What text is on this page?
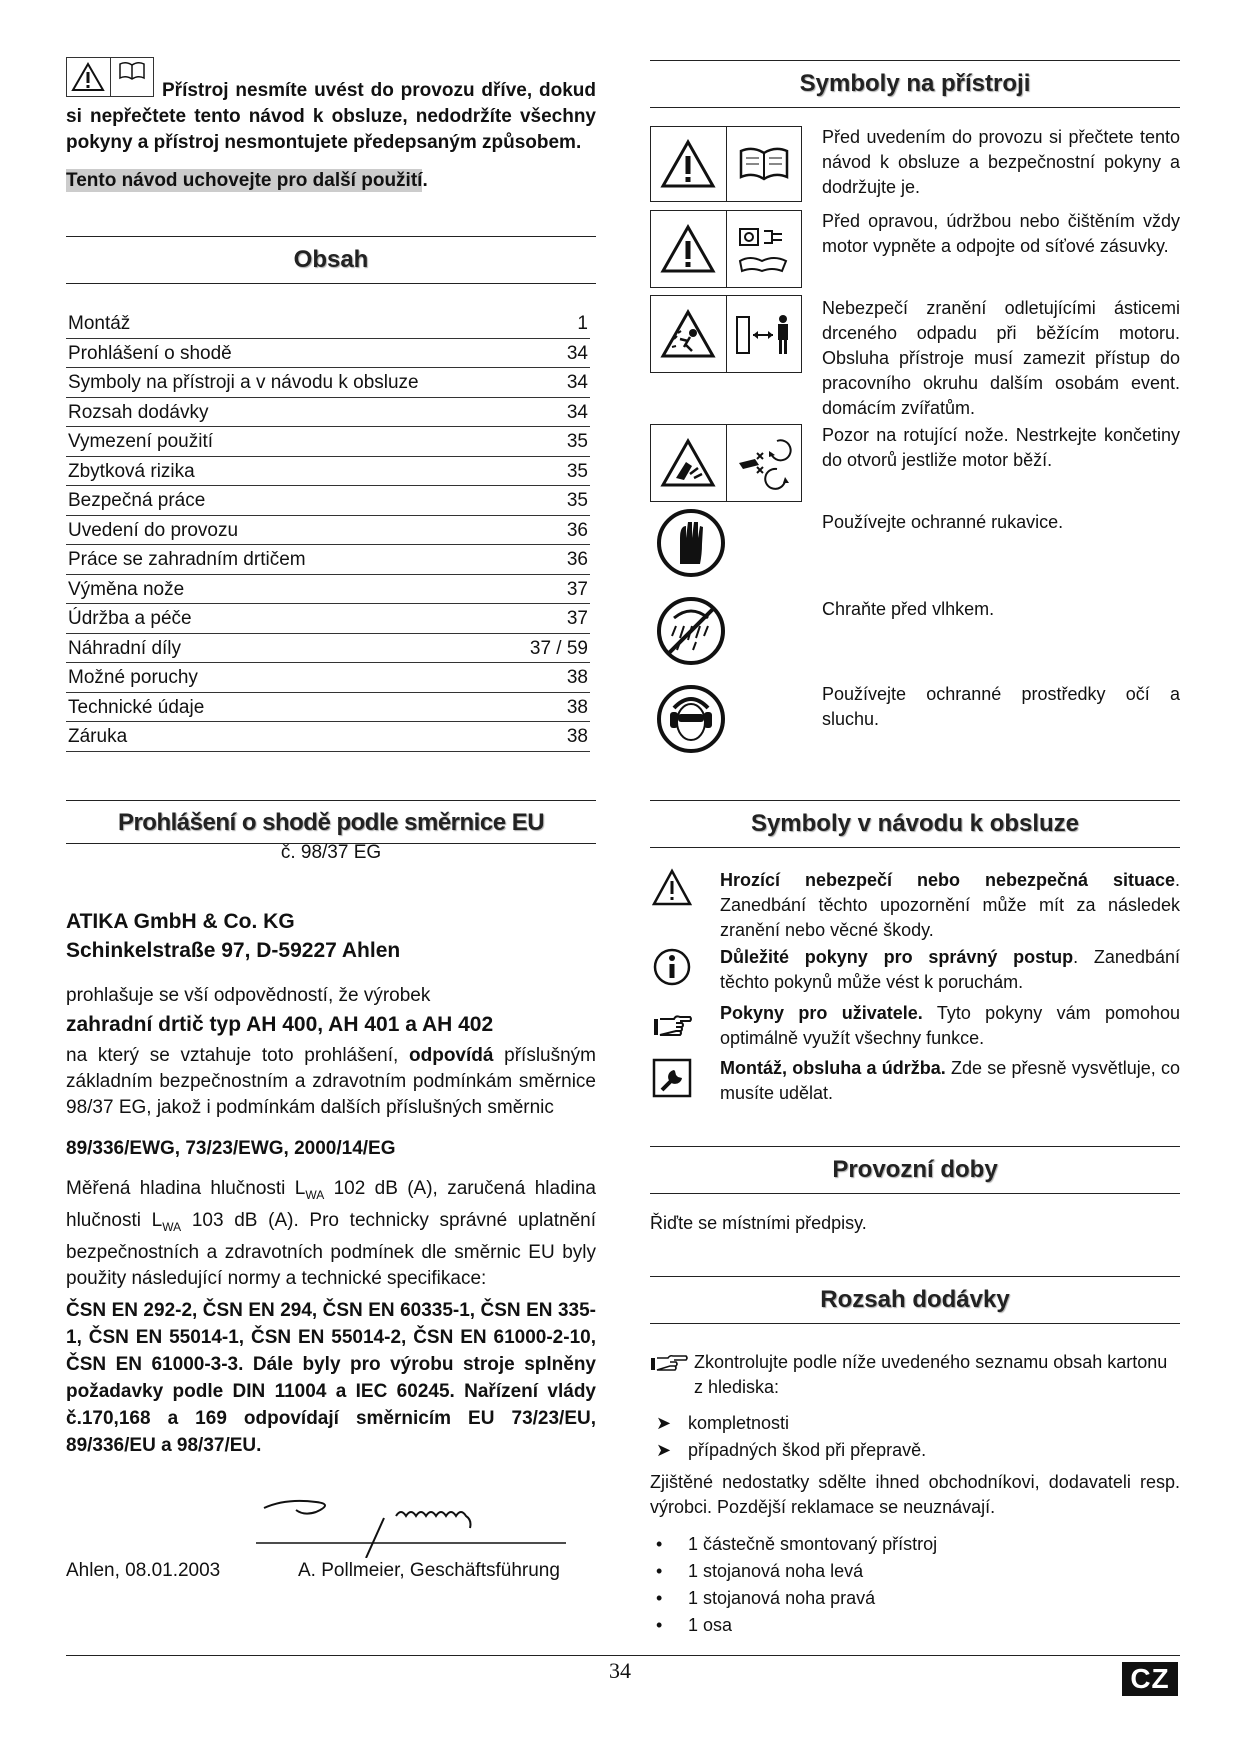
Přístroj nesmíte uvést do provozu dříve, dokud si nepřečtete tento návod k obsluze, nedodržíte všechny pokyny a přístroj nesmontujete předepsaným způsobem.
Tento návod uchovejte pro další použití.
Obsah
Montáž	1
Prohlášení o shodě	34
Symboly na přístroji a v návodu k obsluze	34
Rozsah dodávky	34
Vymezení použití	35
Zbytková rizika	35
Bezpečná práce	35
Uvedení do provozu	36
Práce se zahradním drtičem	36
Výměna nože	37
Údržba a péče	37
Náhradní díly	37 / 59
Možné poruchy	38
Technické údaje	38
Záruka	38
Prohlášení o shodě podle směrnice EU
č. 98/37 EG
ATIKA GmbH & Co. KG
Schinkelstraße 97, D-59227 Ahlen
prohlašuje se vší odpovědností, že výrobek
zahradní drtič typ AH 400, AH 401 a AH 402
na který se vztahuje toto prohlášení, odpovídá příslušným základním bezpečnostním a zdravotním podmínkám směrnice 98/37 EG, jakož i podmínkám dalších příslušných směrnic
89/336/EWG, 73/23/EWG, 2000/14/EG
Měřená hladina hlučnosti $L_{WA}$ 102 dB (A), zaručená hladina hlučnosti $L_{WA}$ 103 dB (A). Pro technicky správné uplatnění bezpečnostních a zdravotních podmínek dle směrnic EU byly použity následující normy a technické specifikace:
ČSN EN 292-2, ČSN EN 294, ČSN EN 60335-1, ČSN EN 335-1, ČSN EN 55014-1, ČSN EN 55014-2, ČSN EN 61000-2-10, ČSN EN 61000-3-3. Dále byly pro výrobu stroje splněny požadavky podle DIN 11004 a IEC 60245. Nařízení vlády č.170,168 a 169 odpovídají směrnicím EU 73/23/EU, 89/336/EU a 98/37/EU.
Ahlen, 08.01.2003	A. Pollmeier, Geschäftsführung
Symboly na přístroji
Před uvedením do provozu si přečtete tento návod k obsluze a bezpečnostní pokyny a dodržujte je.
Před opravou, údržbou nebo čištěním vždy motor vypněte a odpojte od síťové zásuvky.
Nebezpečí zranění odletujícími ásticemi drceného odpadu při běžícím motoru. Obsluha přístroje musí zamezit přístup do pracovního okruhu dalším osobám event. domácím zvířatům.
Pozor na rotující nože. Nestrkejte končetiny do otvorů jestliže motor běží.
Používejte ochranné rukavice.
Chraňte před vlhkem.
Používejte ochranné prostředky očí a sluchu.
Symboly v návodu k obsluze
Hrozící nebezpečí nebo nebezpečná situace. Zanedbání těchto upozornění může mít za následek zranění nebo věcné škody.
Důležité pokyny pro správný postup. Zanedbání těchto pokynů může vést k poruchám.
Pokyny pro uživatele. Tyto pokyny vám pomohou optimálně využít všechny funkce.
Montáž, obsluha a údržba. Zde se přesně vysvětluje, co musíte udělat.
Provozní doby
Řiďte se místními předpisy.
Rozsah dodávky
Zkontrolujte podle níže uvedeného seznamu obsah kartonu z hlediska:
➤ kompletnosti
➤ případných škod při přepravě.
Zjištěné nedostatky sdělte ihned obchodníkovi, dodavateli resp. výrobci. Pozdější reklamace se neuznávají.
• 1 částečně smontovaný přístroj
• 1 stojanová noha levá
• 1 stojanová noha pravá
• 1 osa
34	CZ
